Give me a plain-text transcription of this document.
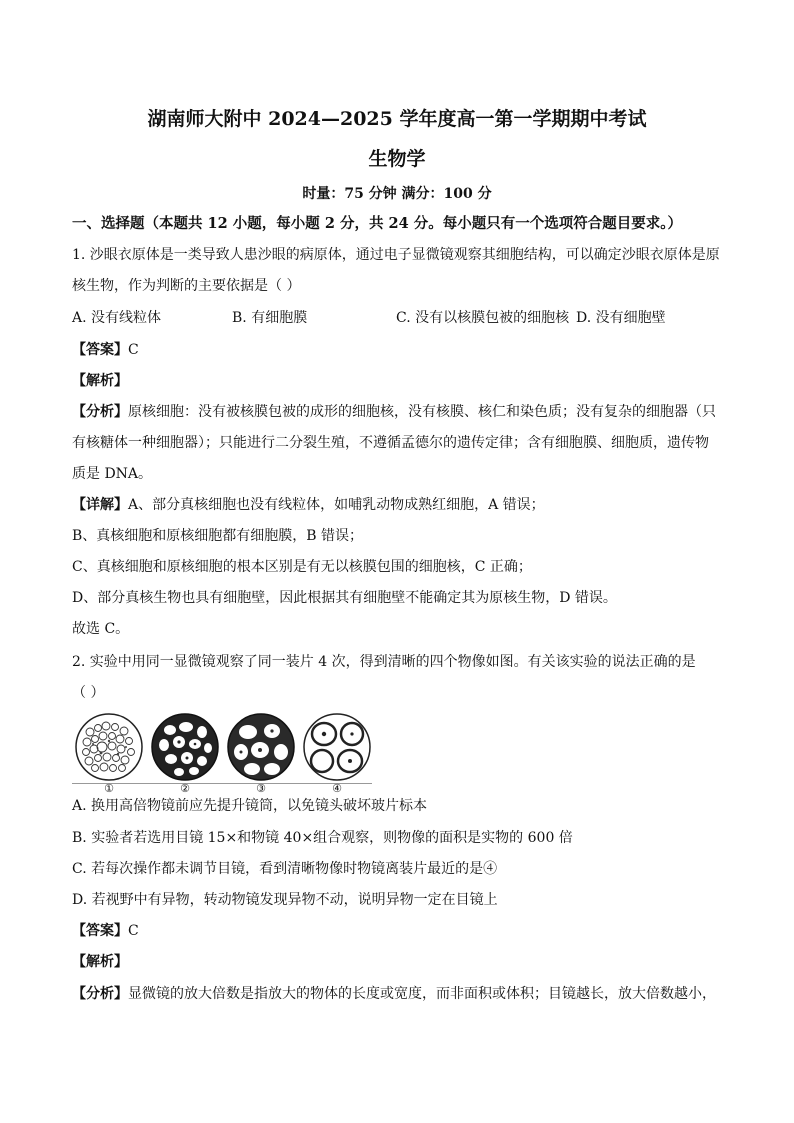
湖南师大附中 2024—2025 学年度高一第一学期期中考试
生物学
时量：75 分钟 满分：100 分
一、选择题（本题共 12 小题，每小题 2 分，共 24 分。每小题只有一个选项符合题目要求。）
1. 沙眼衣原体是一类导致人患沙眼的病原体，通过电子显微镜观察其细胞结构，可以确定沙眼衣原体是原
核生物，作为判断的主要依据是（ ）
A. 没有线粒体	B. 有细胞膜	C. 没有以核膜包被的细胞核 D. 没有细胞壁
【答案】C
【解析】
【分析】原核细胞：没有被核膜包被的成形的细胞核，没有核膜、核仁和染色质；没有复杂的细胞器（只
有核糖体一种细胞器）；只能进行二分裂生殖，不遵循孟德尔的遗传定律；含有细胞膜、细胞质，遗传物
质是 DNA。
【详解】A、部分真核细胞也没有线粒体，如哺乳动物成熟红细胞，A 错误；
B、真核细胞和原核细胞都有细胞膜，B 错误；
C、真核细胞和原核细胞的根本区别是有无以核膜包围的细胞核，C 正确；
D、部分真核生物也具有细胞壁，因此根据其有细胞壁不能确定其为原核生物，D 错误。
故选 C。
2. 实验中用同一显微镜观察了同一装片 4 次，得到清晰的四个物像如图。有关该实验的说法正确的是
（ ）
①	②	③	④
A. 换用高倍物镜前应先提升镜筒，以免镜头破坏玻片标本
B. 实验者若选用目镜 15×和物镜 40×组合观察，则物像的面积是实物的 600 倍
C. 若每次操作都未调节目镜，看到清晰物像时物镜离装片最近的是④
D. 若视野中有异物，转动物镜发现异物不动，说明异物一定在目镜上
【答案】C
【解析】
【分析】显微镜的放大倍数是指放大的物体的长度或宽度，而非面积或体积；目镜越长，放大倍数越小，
